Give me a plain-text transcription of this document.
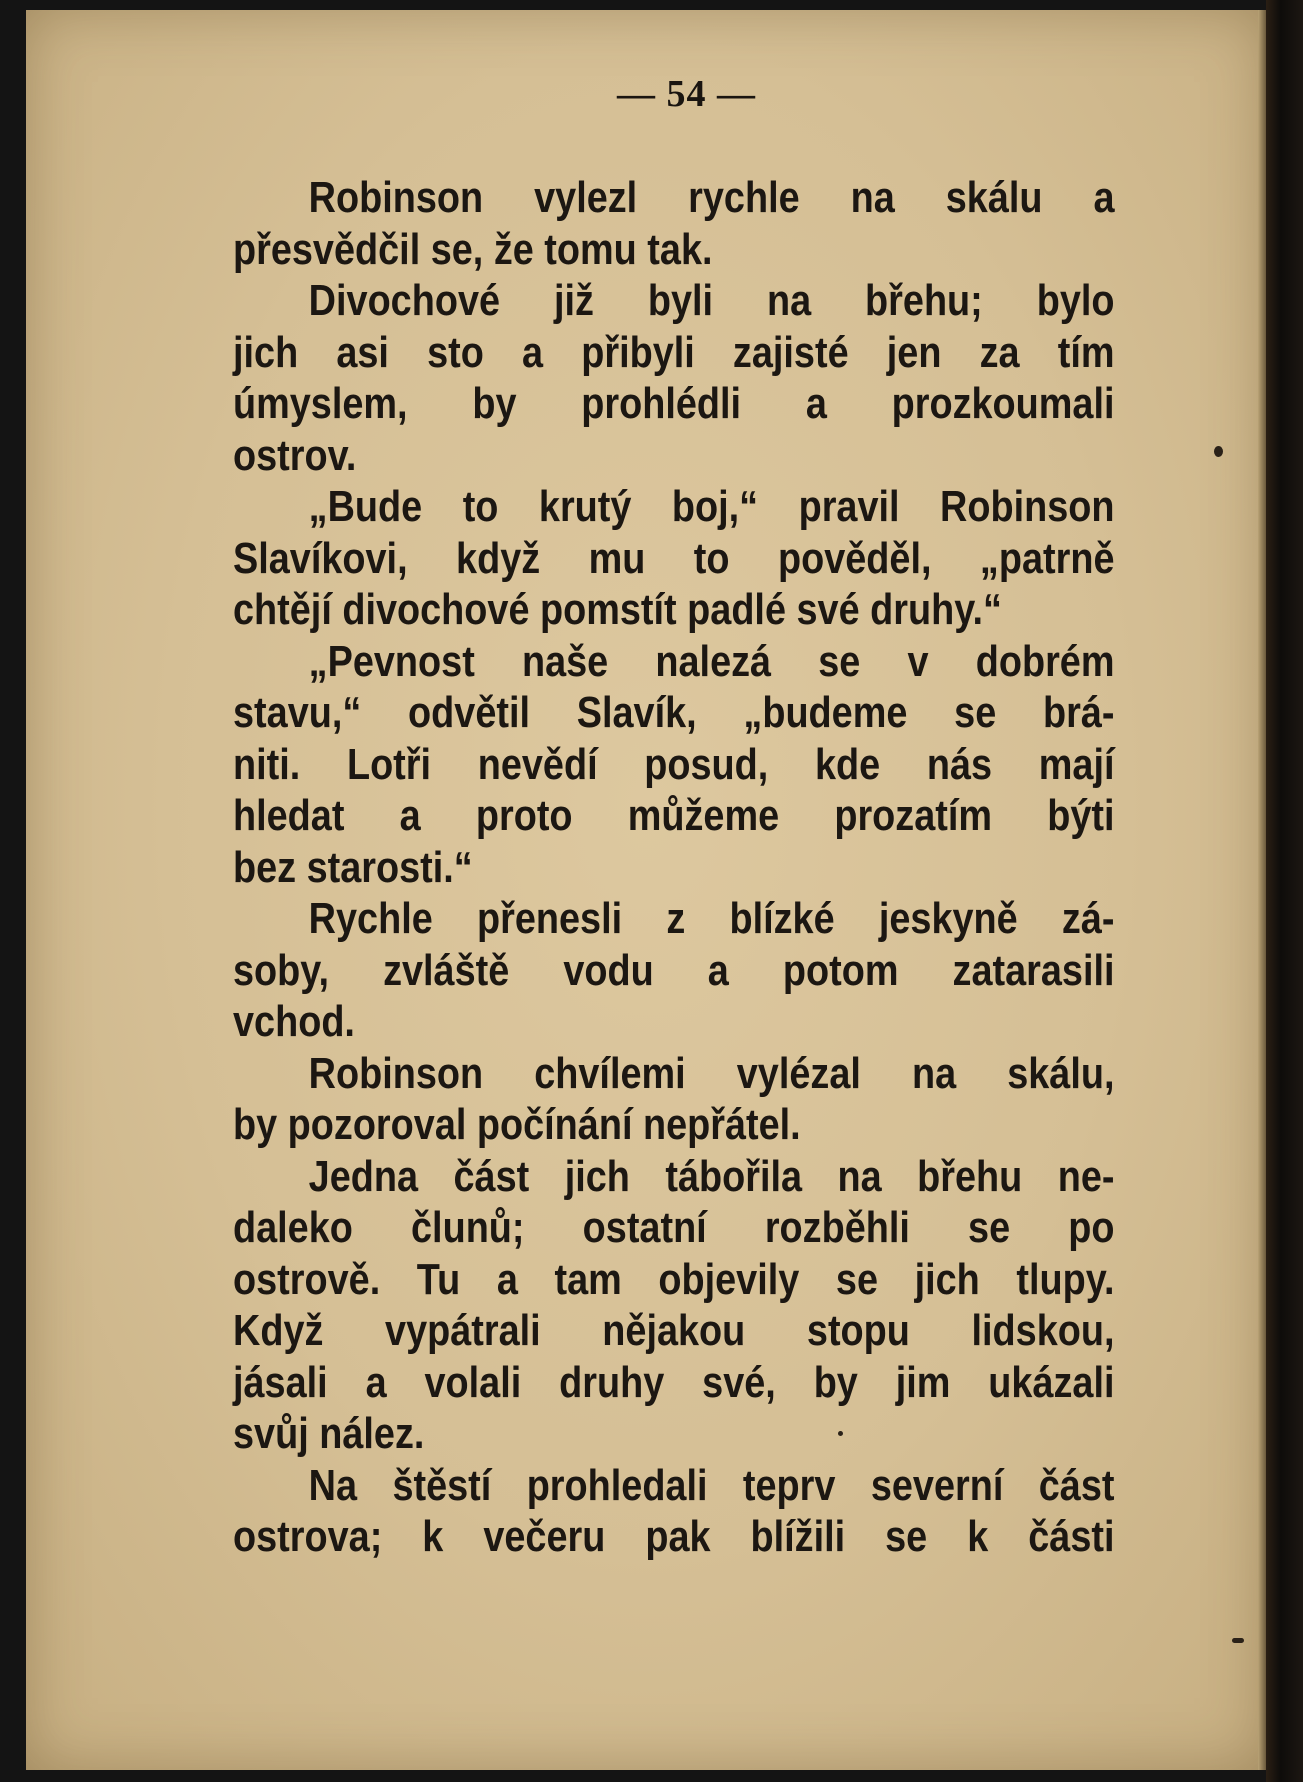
— 54 —
Robinson vylezl rychle na skálu a
přesvědčil se, že tomu tak.
Divochové již byli na břehu; bylo
jich asi sto a přibyli zajisté jen za tím
úmyslem, by prohlédli a prozkoumali
ostrov.
„Bude to krutý boj,“ pravil Robinson
Slavíkovi, když mu to pověděl, „patrně
chtějí divochové pomstít padlé své druhy.“
„Pevnost naše nalezá se v dobrém
stavu,“ odvětil Slavík, „budeme se brá-
niti. Lotři nevědí posud, kde nás mají
hledat a proto můžeme prozatím býti
bez starosti.“
Rychle přenesli z blízké jeskyně zá-
soby, zvláště vodu a potom zatarasili
vchod.
Robinson chvílemi vylézal na skálu,
by pozoroval počínání nepřátel.
Jedna část jich tábořila na břehu ne-
daleko člunů; ostatní rozběhli se po
ostrově. Tu a tam objevily se jich tlupy.
Když vypátrali nějakou stopu lidskou,
jásali a volali druhy své, by jim ukázali
svůj nález.
Na štěstí prohledali teprv severní část
ostrova; k večeru pak blížili se k části
